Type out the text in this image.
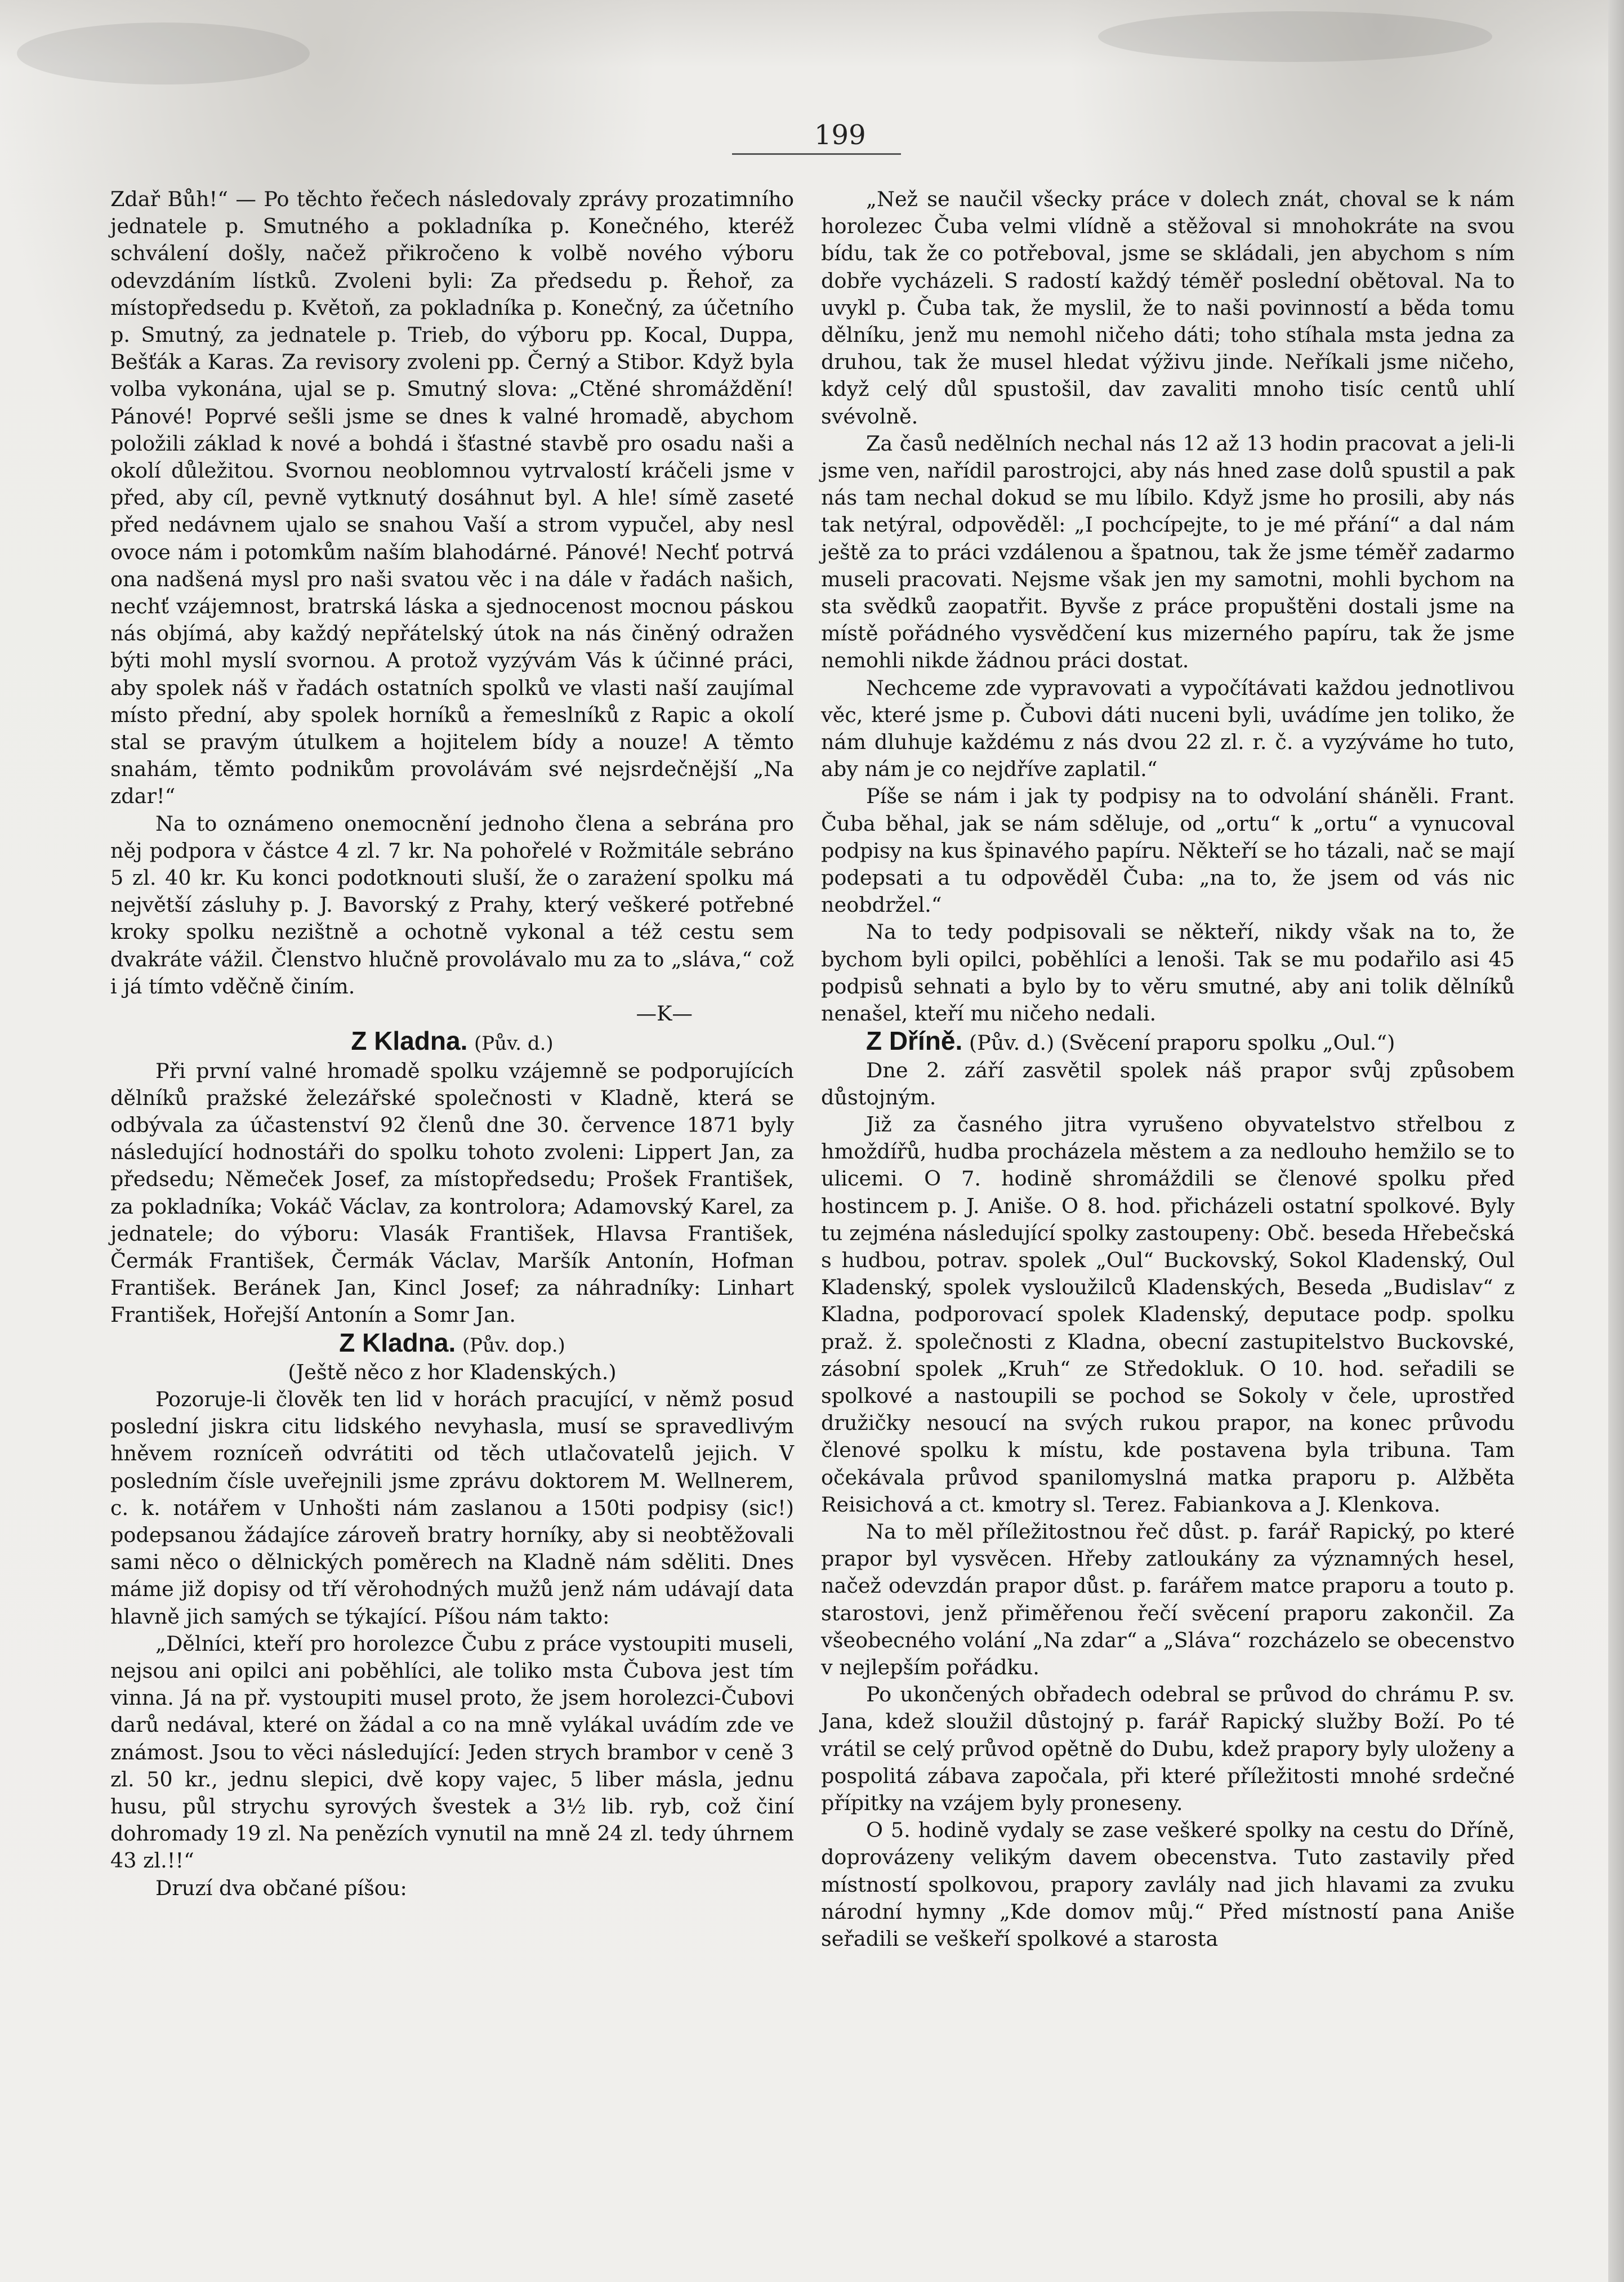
199

Zdař Bůh!“ — Po těchto řečech následovaly zprávy prozatimního jednatele p. Smutného a pokladníka p. Konečného, kteréž schválení došly, načež přikročeno k volbě nového výboru odevzdáním lístků. Zvoleni byli: Za předsedu p. Řehoř, za místopředsedu p. Květoň, za pokladníka p. Konečný, za účetního p. Smutný, za jednatele p. Trieb, do výboru pp. Kocal, Duppa, Bešťák a Karas. Za revisory zvoleni pp. Černý a Stibor. Když byla volba vykonána, ujal se p. Smutný slova: „Ctěné shromáždění! Pánové! Poprvé sešli jsme se dnes k valné hromadě, abychom položili základ k nové a bohdá i šťastné stavbě pro osadu naši a okolí důležitou. Svornou neoblomnou vytrvalostí kráčeli jsme v před, aby cíl, pevně vytknutý dosáhnut byl. A hle! símě zaseté před nedávnem ujalo se snahou Vaší a strom vypučel, aby nesl ovoce nám i potomkům naším blahodárné. Pánové! Nechť potrvá ona nadšená mysl pro naši svatou věc i na dále v řadách našich, nechť vzájemnost, bratrská láska a sjednocenost mocnou páskou nás objímá, aby každý nepřátelský útok na nás činěný odražen býti mohl myslí svornou. A protož vyzývám Vás k účinné práci, aby spolek náš v řadách ostatních spolků ve vlasti naší zaujímal místo přední, aby spolek horníků a řemeslníků z Rapic a okolí stal se pravým útulkem a hojitelem bídy a nouze! A těmto snahám, těmto podnikům provolávám své nejsrdečnější „Na zdar!“

Na to oznámeno onemocnění jednoho člena a sebrána pro něj podpora v částce 4 zl. 7 kr. Na pohořelé v Rožmitále sebráno 5 zl. 40 kr. Ku konci podotknouti sluší, že o zarażení spolku má největší zásluhy p. J. Bavorský z Prahy, který veškeré potřebné kroky spolku nezištně a ochotně vykonal a též cestu sem dvakráte vážil. Členstvo hlučně provolávalo mu za to „sláva,“ což i já tímto vděčně činím.

—K—

Z Kladna. (Pův. d.)

Při první valné hromadě spolku vzájemně se podporujících dělníků pražské železářské společnosti v Kladně, která se odbývala za účastenství 92 členů dne 30. července 1871 byly následující hodnostáři do spolku tohoto zvoleni: Lippert Jan, za předsedu; Němeček Josef, za místopředsedu; Prošek František, za pokladníka; Vokáč Václav, za kontrolora; Adamovský Karel, za jednatele; do výboru: Vlasák František, Hlavsa František, Čermák František, Čermák Václav, Maršík Antonín, Hofman František. Beránek Jan, Kincl Josef; za náhradníky: Linhart František, Hořejší Antonín a Somr Jan.

Z Kladna. (Pův. dop.)

(Ještě něco z hor Kladenských.)

Pozoruje-li člověk ten lid v horách pracující, v němž posud poslední jiskra citu lidského nevyhasla, musí se spravedlivým hněvem rozníceň odvrátiti od těch utlačovatelů jejich. V posledním čísle uveřejnili jsme zprávu doktorem M. Wellnerem, c. k. notářem v Unhošti nám zaslanou a 150ti podpisy (sic!) podepsanou žádajíce zároveň bratry horníky, aby si neobtěžovali sami něco o dělnických poměrech na Kladně nám sděliti. Dnes máme již dopisy od tří věrohodných mužů jenž nám udávají data hlavně jich samých se týkající. Píšou nám takto:

„Dělníci, kteří pro horolezce Čubu z práce vystoupiti museli, nejsou ani opilci ani poběhlíci, ale toliko msta Čubova jest tím vinna. Já na př. vystoupiti musel proto, že jsem horolezci-Čubovi darů nedával, které on žádal a co na mně vylákal uvádím zde ve známost. Jsou to věci následující: Jeden strych brambor v ceně 3 zl. 50 kr., jednu slepici, dvě kopy vajec, 5 liber másla, jednu husu, půl strychu syrových švestek a 3½ lib. ryb, což činí dohromady 19 zl. Na penězích vynutil na mně 24 zl. tedy úhrnem 43 zl.!!“

Druzí dva občané píšou:

„Než se naučil všecky práce v dolech znát, choval se k nám horolezec Čuba velmi vlídně a stěžoval si mnohokráte na svou bídu, tak že co potřeboval, jsme se skládali, jen abychom s ním dobře vycházeli. S radostí každý téměř poslední obětoval. Na to uvykl p. Čuba tak, že myslil, že to naši povinností a běda tomu dělníku, jenž mu nemohl ničeho dáti; toho stíhala msta jedna za druhou, tak že musel hledat výživu jinde. Neříkali jsme ničeho, když celý důl spustošil, dav zavaliti mnoho tisíc centů uhlí svévolně.

Za časů nedělních nechal nás 12 až 13 hodin pracovat a jeli-li jsme ven, nařídil parostrojci, aby nás hned zase dolů spustil a pak nás tam nechal dokud se mu líbilo. Když jsme ho prosili, aby nás tak netýral, odpověděl: „I pochcípejte, to je mé přání“ a dal nám ještě za to práci vzdálenou a špatnou, tak že jsme téměř zadarmo museli pracovati. Nejsme však jen my samotni, mohli bychom na sta svědků zaopatřit. Byvše z práce propuštěni dostali jsme na místě pořádného vysvědčení kus mizerného papíru, tak že jsme nemohli nikde žádnou práci dostat.

Nechceme zde vypravovati a vypočítávati každou jednotlivou věc, které jsme p. Čubovi dáti nuceni byli, uvádíme jen toliko, že nám dluhuje každému z nás dvou 22 zl. r. č. a vyzýváme ho tuto, aby nám je co nejdříve zaplatil.“

Píše se nám i jak ty podpisy na to odvolání sháněli. Frant. Čuba běhal, jak se nám sděluje, od „ortu“ k „ortu“ a vynucoval podpisy na kus špinavého papíru. Někteří se ho tázali, nač se mají podepsati a tu odpověděl Čuba: „na to, že jsem od vás nic neobdržel.“

Na to tedy podpisovali se někteří, nikdy však na to, že bychom byli opilci, poběhlíci a lenoši. Tak se mu podařilo asi 45 podpisů sehnati a bylo by to věru smutné, aby ani tolik dělníků nenašel, kteří mu ničeho nedali.

Z Dříně. (Pův. d.) (Svěcení praporu spolku „Oul.“)

Dne 2. září zasvětil spolek náš prapor svůj způsobem důstojným.

Již za časného jitra vyrušeno obyvatelstvo střelbou z hmoždířů, hudba procházela městem a za nedlouho hemžilo se to ulicemi. O 7. hodině shromáždili se členové spolku před hostincem p. J. Aniše. O 8. hod. přicházeli ostatní spolkové. Byly tu zejména následující spolky zastoupeny: Obč. beseda Hřebečská s hudbou, potrav. spolek „Oul“ Buckovský, Sokol Kladenský, Oul Kladenský, spolek vysloužilců Kladenských, Beseda „Budislav“ z Kladna, podporovací spolek Kladenský, deputace podp. spolku praž. ž. společnosti z Kladna, obecní zastupitelstvo Buckovské, zásobní spolek „Kruh“ ze Středokluk. O 10. hod. seřadili se spolkové a nastoupili se pochod se Sokoly v čele, uprostřed družičky nesoucí na svých rukou prapor, na konec průvodu členové spolku k místu, kde postavena byla tribuna. Tam očekávala průvod spanilomyslná matka praporu p. Alžběta Reisichová a ct. kmotry sl. Terez. Fabiankova a J. Klenkova.

Na to měl příležitostnou řeč důst. p. farář Rapický, po které prapor byl vysvěcen. Hřeby zatloukány za významných hesel, načež odevzdán prapor důst. p. farářem matce praporu a touto p. starostovi, jenž přiměřenou řečí svěcení praporu zakončil. Za všeobecného volání „Na zdar“ a „Sláva“ rozcházelo se obecenstvo v nejlepším pořádku.

Po ukončených obřadech odebral se průvod do chrámu P. sv. Jana, kdež sloužil důstojný p. farář Rapický služby Boží. Po té vrátil se celý průvod opětně do Dubu, kdež prapory byly uloženy a pospolitá zábava započala, při které příležitosti mnohé srdečné přípitky na vzájem byly proneseny.

O 5. hodině vydaly se zase veškeré spolky na cestu do Dříně, doprovázeny velikým davem obecenstva. Tuto zastavily před místností spolkovou, prapory zavlály nad jich hlavami za zvuku národní hymny „Kde domov můj.“ Před místností pana Aniše seřadili se veškeří spolkové a starosta
